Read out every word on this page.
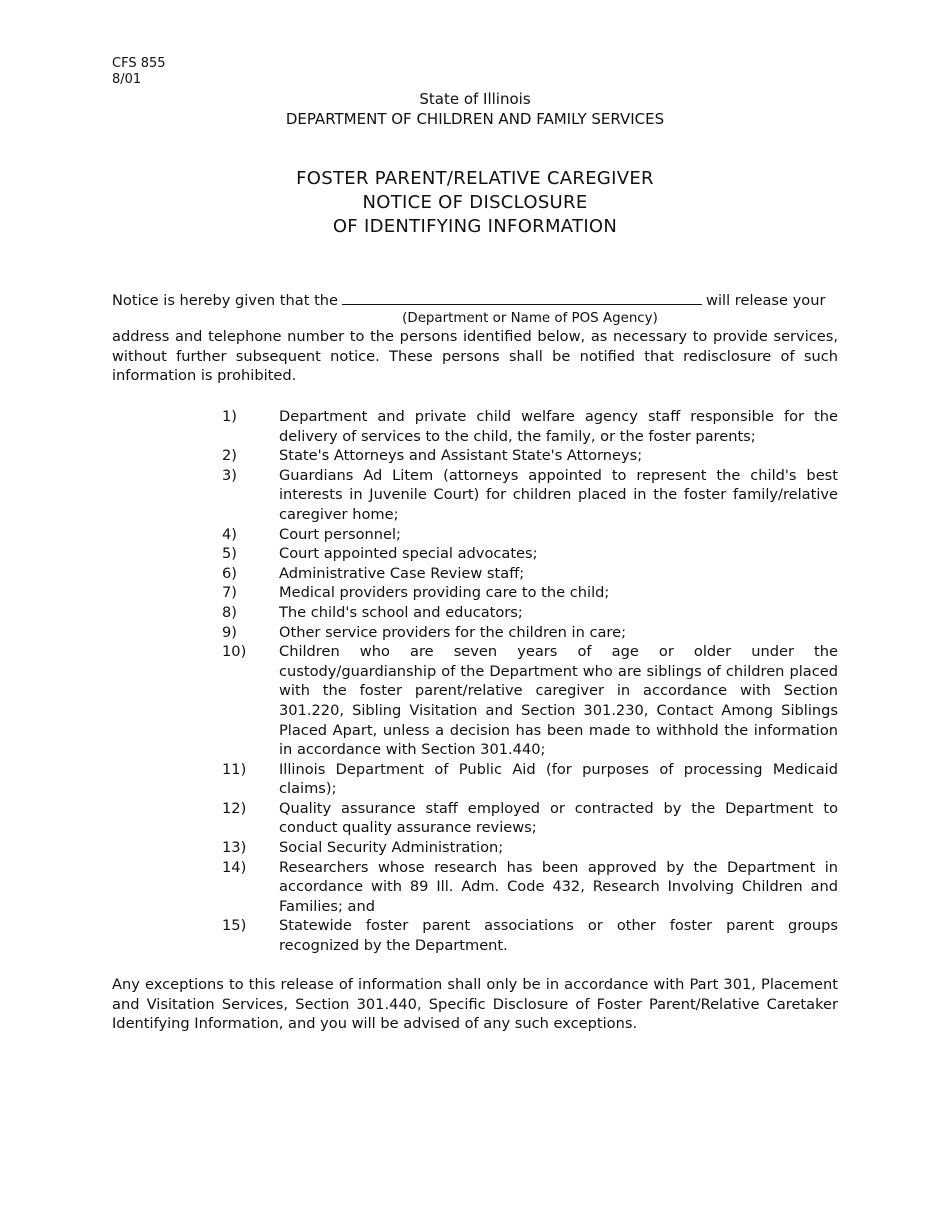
CFS 855
8/01
State of Illinois
DEPARTMENT OF CHILDREN AND FAMILY SERVICES
FOSTER PARENT/RELATIVE CAREGIVER
NOTICE OF DISCLOSURE
OF IDENTIFYING INFORMATION
Notice is hereby given that the	will release your
(Department or Name of POS Agency)
address and telephone number to the persons identified below, as necessary to provide services, without further subsequent notice. These persons shall be notified that redisclosure of such information is prohibited.
1)	Department and private child welfare agency staff responsible for the delivery of services to the child, the family, or the foster parents;
2)	State's Attorneys and Assistant State's Attorneys;
3)	Guardians Ad Litem (attorneys appointed to represent the child's best interests in Juvenile Court) for children placed in the foster family/relative caregiver home;
4)	Court personnel;
5)	Court appointed special advocates;
6)	Administrative Case Review staff;
7)	Medical providers providing care to the child;
8)	The child's school and educators;
9)	Other service providers for the children in care;
10)	Children who are seven years of age or older under the custody/guardianship of the Department who are siblings of children placed with the foster parent/relative caregiver in accordance with Section 301.220, Sibling Visitation and Section 301.230, Contact Among Siblings Placed Apart, unless a decision has been made to withhold the information in accordance with Section 301.440;
11)	Illinois Department of Public Aid (for purposes of processing Medicaid claims);
12)	Quality assurance staff employed or contracted by the Department to conduct quality assurance reviews;
13)	Social Security Administration;
14)	Researchers whose research has been approved by the Department in accordance with 89 Ill. Adm. Code 432, Research Involving Children and Families; and
15)	Statewide foster parent associations or other foster parent groups recognized by the Department.
Any exceptions to this release of information shall only be in accordance with Part 301, Placement and Visitation Services, Section 301.440, Specific Disclosure of Foster Parent/Relative Caretaker Identifying Information, and you will be advised of any such exceptions.
